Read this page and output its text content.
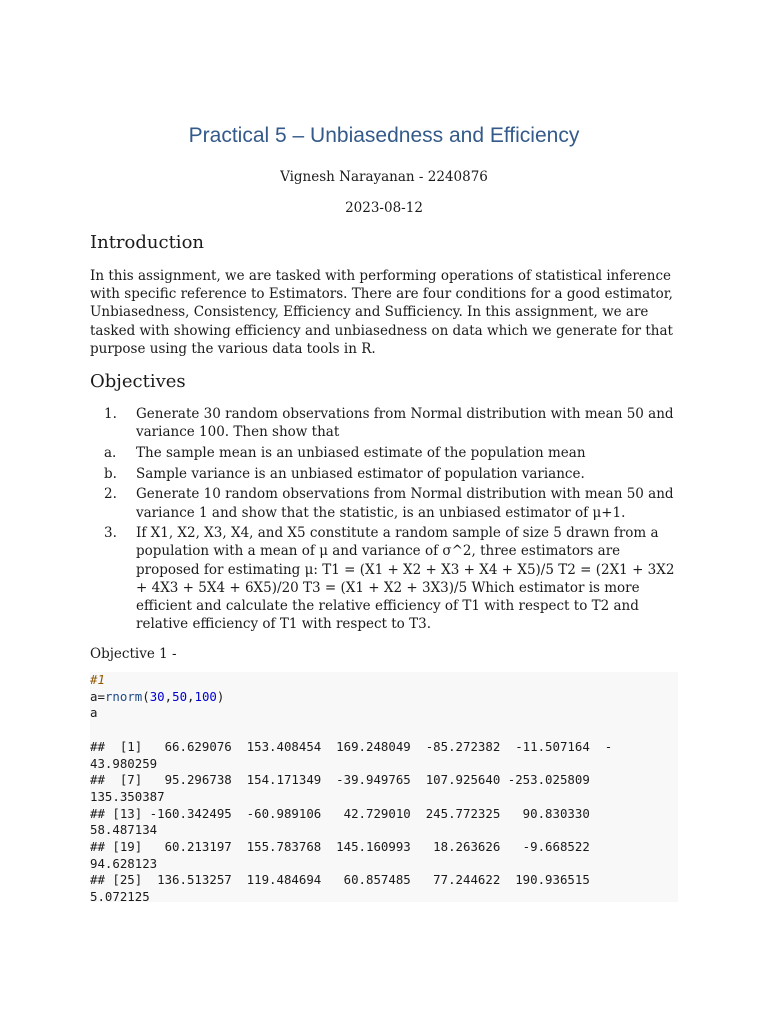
Practical 5 – Unbiasedness and Efficiency
Vignesh Narayanan - 2240876
2023-08-12
Introduction

In this assignment, we are tasked with performing operations of statistical inference with specific reference to Estimators. There are four conditions for a good estimator, Unbiasedness, Consistency, Efficiency and Sufficiency. In this assignment, we are tasked with showing efficiency and unbiasedness on data which we generate for that purpose using the various data tools in R.

Objectives
1. Generate 30 random observations from Normal distribution with mean 50 and variance 100. Then show that
a. The sample mean is an unbiased estimate of the population mean
b. Sample variance is an unbiased estimator of population variance.
2. Generate 10 random observations from Normal distribution with mean 50 and variance 1 and show that the statistic, is an unbiased estimator of μ+1.
3. If X1, X2, X3, X4, and X5 constitute a random sample of size 5 drawn from a population with a mean of μ and variance of σ^2, three estimators are proposed for estimating μ: T1 = (X1 + X2 + X3 + X4 + X5)/5 T2 = (2X1 + 3X2 + 4X3 + 5X4 + 6X5)/20 T3 = (X1 + X2 + 3X3)/5 Which estimator is more efficient and calculate the relative efficiency of T1 with respect to T2 and relative efficiency of T1 with respect to T3.
Objective 1 -
#1
a=rnorm(30,50,100)
a
##  [1]   66.629076  153.408454  169.248049  -85.272382  -11.507164  -
43.980259
##  [7]   95.296738  154.171349  -39.949765  107.925640 -253.025809
135.350387
## [13] -160.342495  -60.989106   42.729010  245.772325   90.830330
58.487134
## [19]   60.213197  155.783768  145.160993   18.263626   -9.668522
94.628123
## [25]  136.513257  119.484694   60.857485   77.244622  190.936515
5.072125
